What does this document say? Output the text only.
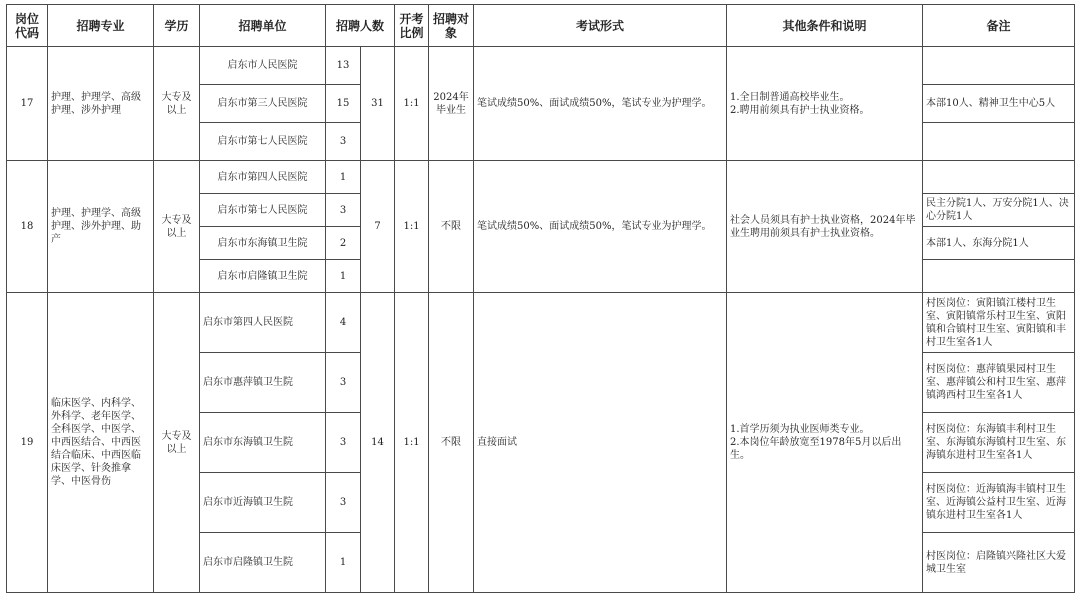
岗位代码	招聘专业	学历	招聘单位	招聘人数		开考比例	招聘对象	考试形式	其他条件和说明	备注
17	护理、护理学、高级护理、涉外护理	大专及以上	启东市人民医院	13	31	1:1	2024年毕业生	笔试成绩50%、面试成绩50%，笔试专业为护理学。	1.全日制普通高校毕业生。
2.聘用前须具有护士执业资格。	
			启东市第三人民医院	15						本部10人、精神卫生中心5人
			启东市第七人民医院	3						
18	护理、护理学、高级护理、涉外护理、助产	大专及以上	启东市第四人民医院	1	7	1:1	不限	笔试成绩50%、面试成绩50%，笔试专业为护理学。	社会人员须具有护士执业资格，2024年毕业生聘用前须具有护士执业资格。	
			启东市第七人民医院	3						民主分院1人、万安分院1人、决心分院1人
			启东市东海镇卫生院	2						本部1人、东海分院1人
			启东市启隆镇卫生院	1						
19	临床医学、内科学、外科学、老年医学、全科医学、中医学、中西医结合、中西医结合临床、中西医临床医学、针灸推拿学、中医骨伤	大专及以上	启东市第四人民医院	4	14	1:1	不限	直接面试	1.首学历须为执业医师类专业。
2.本岗位年龄放宽至1978年5月以后出生。	村医岗位：寅阳镇江楼村卫生室、寅阳镇常乐村卫生室、寅阳镇和合镇村卫生室、寅阳镇和丰村卫生室各1人
			启东市惠萍镇卫生院	3						村医岗位：惠萍镇果园村卫生室、惠萍镇公和村卫生室、惠萍镇鸿西村卫生室各1人
			启东市东海镇卫生院	3						村医岗位：东海镇丰利村卫生室、东海镇东海镇村卫生室、东海镇东进村卫生室各1人
			启东市近海镇卫生院	3						村医岗位：近海镇海丰镇村卫生室、近海镇公益村卫生室、近海镇东进村卫生室各1人
			启东市启隆镇卫生院	1						村医岗位：启隆镇兴隆社区大爱城卫生室
